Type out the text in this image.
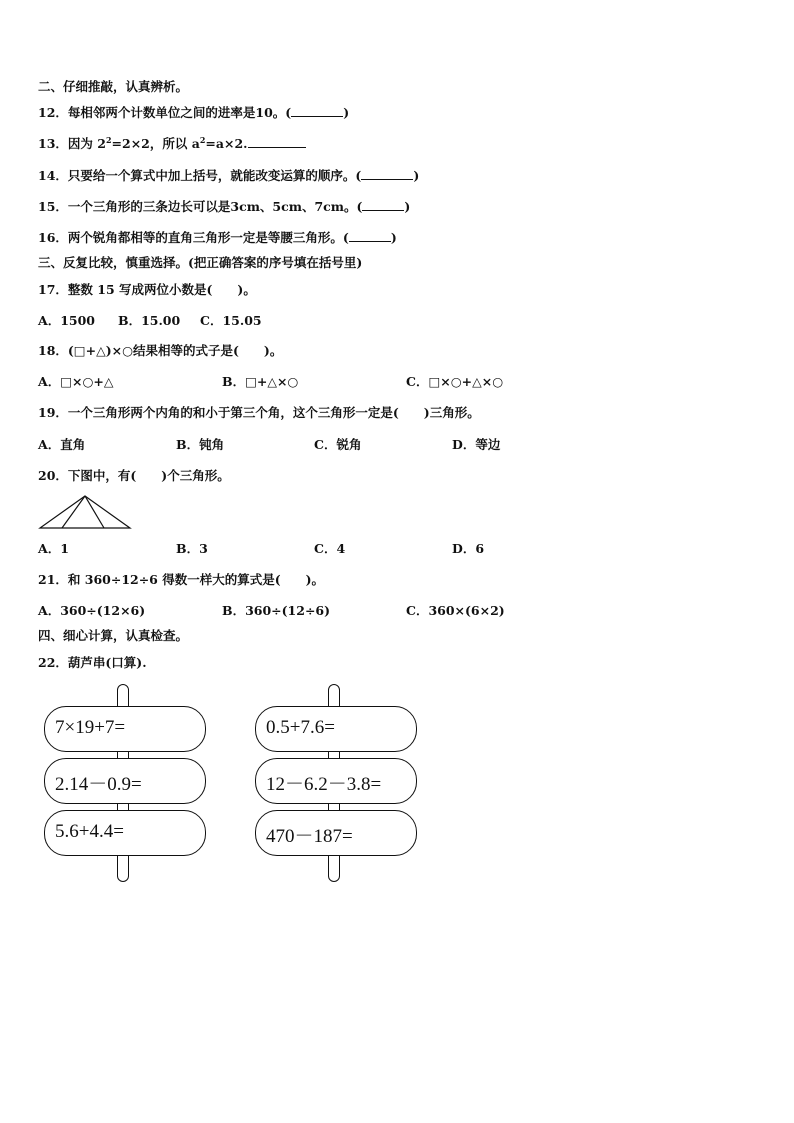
二、仔细推敲，认真辨析。
12．每相邻两个计数单位之间的进率是10。(	)
13．因为 $2^2=2\times 2$，所以 $a^2=a\times 2$.
14．只要给一个算式中加上括号，就能改变运算的顺序。(	)
15．一个三角形的三条边长可以是3cm、5cm、7cm。(	)
16．两个锐角都相等的直角三角形一定是等腰三角形。(	)
三、反复比较，慎重选择。(把正确答案的序号填在括号里)
17．整数 15 写成两位小数是(　　)。
A．1500 B．15.00 C．15.05
18．(□+△)×○结果相等的式子是(　　)。
A．□×○+△	B．□+△×○	C．□×○+△×○
19．一个三角形两个内角的和小于第三个角，这个三角形一定是(　　)三角形。
A．直角	B．钝角	C．锐角	D．等边
20．下图中，有(　　)个三角形。
A．1	B．3	C．4	D．6
21．和 360÷12÷6 得数一样大的算式是(　　)。
A．360÷(12×6)	B．360÷(12÷6)	C．360×(6×2)
四、细心计算，认真检查。
22．葫芦串(口算).
7×19+7=
2.14－0.9=
5.6+4.4=
0.5+7.6=
12－6.2－3.8=
470－187=
